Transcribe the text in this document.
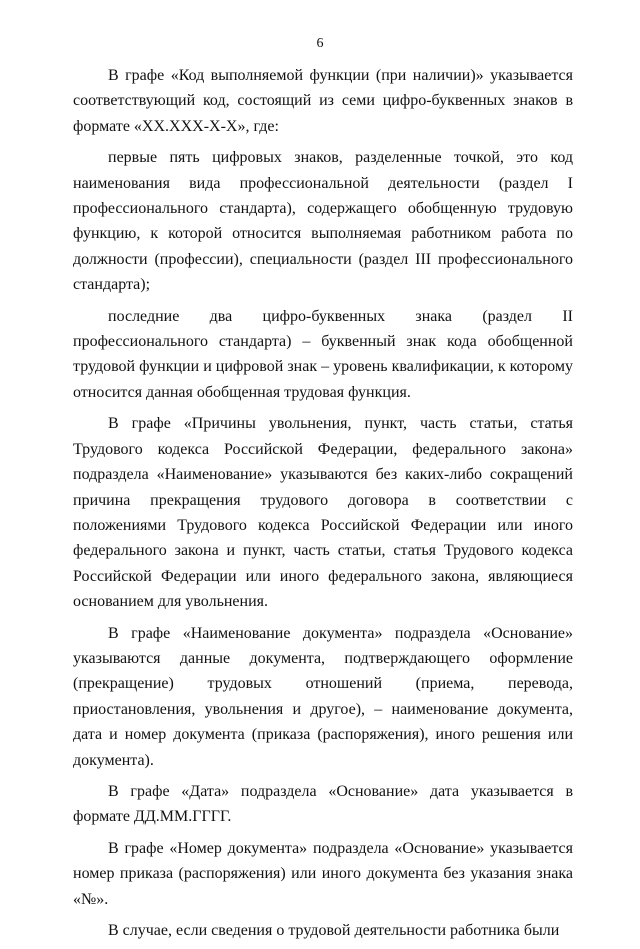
6

В графе «Код выполняемой функции (при наличии)» указывается соответствующий код, состоящий из семи цифро-буквенных знаков в формате «XX.XXX-X-X», где:

первые пять цифровых знаков, разделенные точкой, это код наименования вида профессиональной деятельности (раздел I профессионального стандарта), содержащего обобщенную трудовую функцию, к которой относится выполняемая работником работа по должности (профессии), специальности (раздел III профессионального стандарта);

последние два цифро-буквенных знака (раздел II профессионального стандарта) – буквенный знак кода обобщенной трудовой функции и цифровой знак – уровень квалификации, к которому относится данная обобщенная трудовая функция.

В графе «Причины увольнения, пункт, часть статьи, статья Трудового кодекса Российской Федерации, федерального закона» подраздела «Наименование» указываются без каких-либо сокращений причина прекращения трудового договора в соответствии с положениями Трудового кодекса Российской Федерации или иного федерального закона и пункт, часть статьи, статья Трудового кодекса Российской Федерации или иного федерального закона, являющиеся основанием для увольнения.

В графе «Наименование документа» подраздела «Основание» указываются данные документа, подтверждающего оформление (прекращение) трудовых отношений (приема, перевода, приостановления, увольнения и другое), – наименование документа, дата и номер документа (приказа (распоряжения), иного решения или документа).

В графе «Дата» подраздела «Основание» дата указывается в формате ДД.ММ.ГГГГ.

В графе «Номер документа» подраздела «Основание» указывается номер приказа (распоряжения) или иного документа без указания знака «№».

В случае, если сведения о трудовой деятельности работника были
